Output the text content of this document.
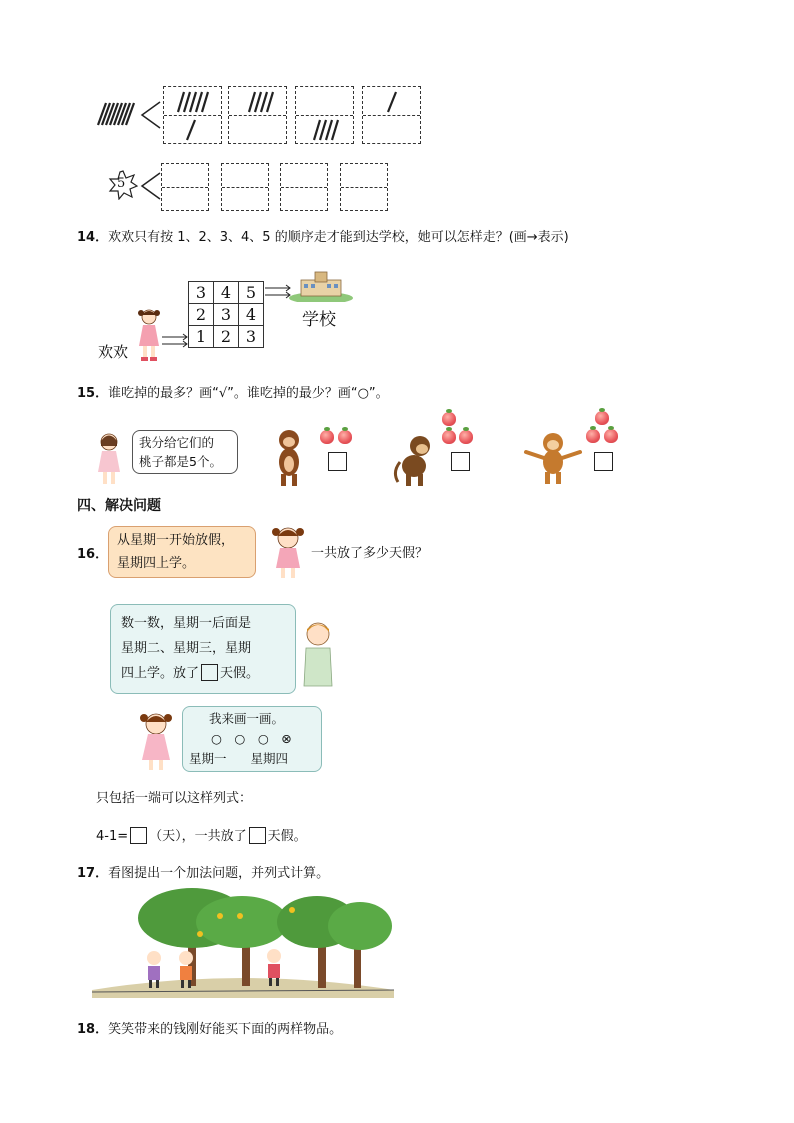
5
14．欢欢只有按 1、2、3、4、5 的顺序走才能到达学校，她可以怎样走？(画→表示)
欢欢
3	4	5
2	3	4
1	2	3
学校
15．谁吃掉的最多？画“√”。谁吃掉的最少？画“○”。
我分给它们的
桃子都是5个。
四、解决问题
16．
从星期一开始放假，
星期四上学。
一共放了多少天假？
数一数，星期一后面是
星期二、星期三，星期
四上学。放了 天假。
我来画一画。
○　○　○　⊗
星期一 星期四
只包括一端可以这样列式：
4-1= （天），一共放了 天假。
17．看图提出一个加法问题，并列式计算。
18．笑笑带来的钱刚好能买下面的两样物品。
